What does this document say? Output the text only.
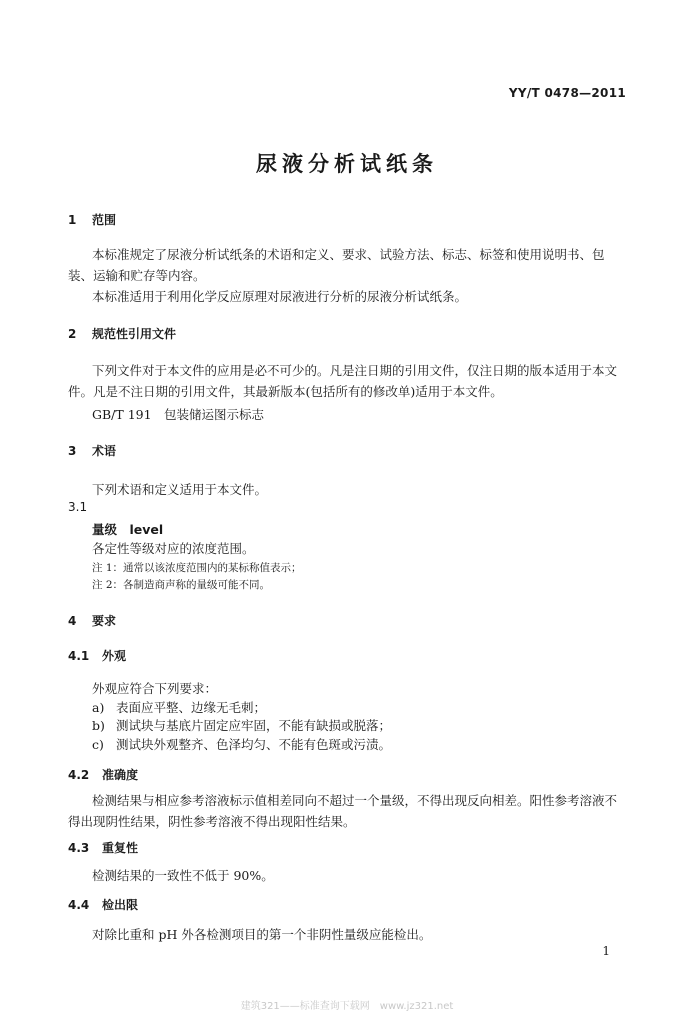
YY/T 0478—2011
尿液分析试纸条
1 范围
本标准规定了尿液分析试纸条的术语和定义、要求、试验方法、标志、标签和使用说明书、包装、运输和贮存等内容。
本标准适用于利用化学反应原理对尿液进行分析的尿液分析试纸条。
2 规范性引用文件
下列文件对于本文件的应用是必不可少的。凡是注日期的引用文件，仅注日期的版本适用于本文件。凡是不注日期的引用文件，其最新版本(包括所有的修改单)适用于本文件。
GB/T 191　包装储运图示标志
3 术语
下列术语和定义适用于本文件。
3.1
量级　level
各定性等级对应的浓度范围。
注 1：通常以该浓度范围内的某标称值表示；
注 2：各制造商声称的量级可能不同。
4 要求
4.1 外观
外观应符合下列要求：
a) 表面应平整、边缘无毛刺；
b) 测试块与基底片固定应牢固，不能有缺损或脱落；
c) 测试块外观整齐、色泽均匀、不能有色斑或污渍。
4.2 准确度
检测结果与相应参考溶液标示值相差同向不超过一个量级，不得出现反向相差。阳性参考溶液不得出现阴性结果，阴性参考溶液不得出现阳性结果。
4.3 重复性
检测结果的一致性不低于 90%。
4.4 检出限
对除比重和 pH 外各检测项目的第一个非阴性量级应能检出。
1
建筑321——标准查询下载网　www.jz321.net
